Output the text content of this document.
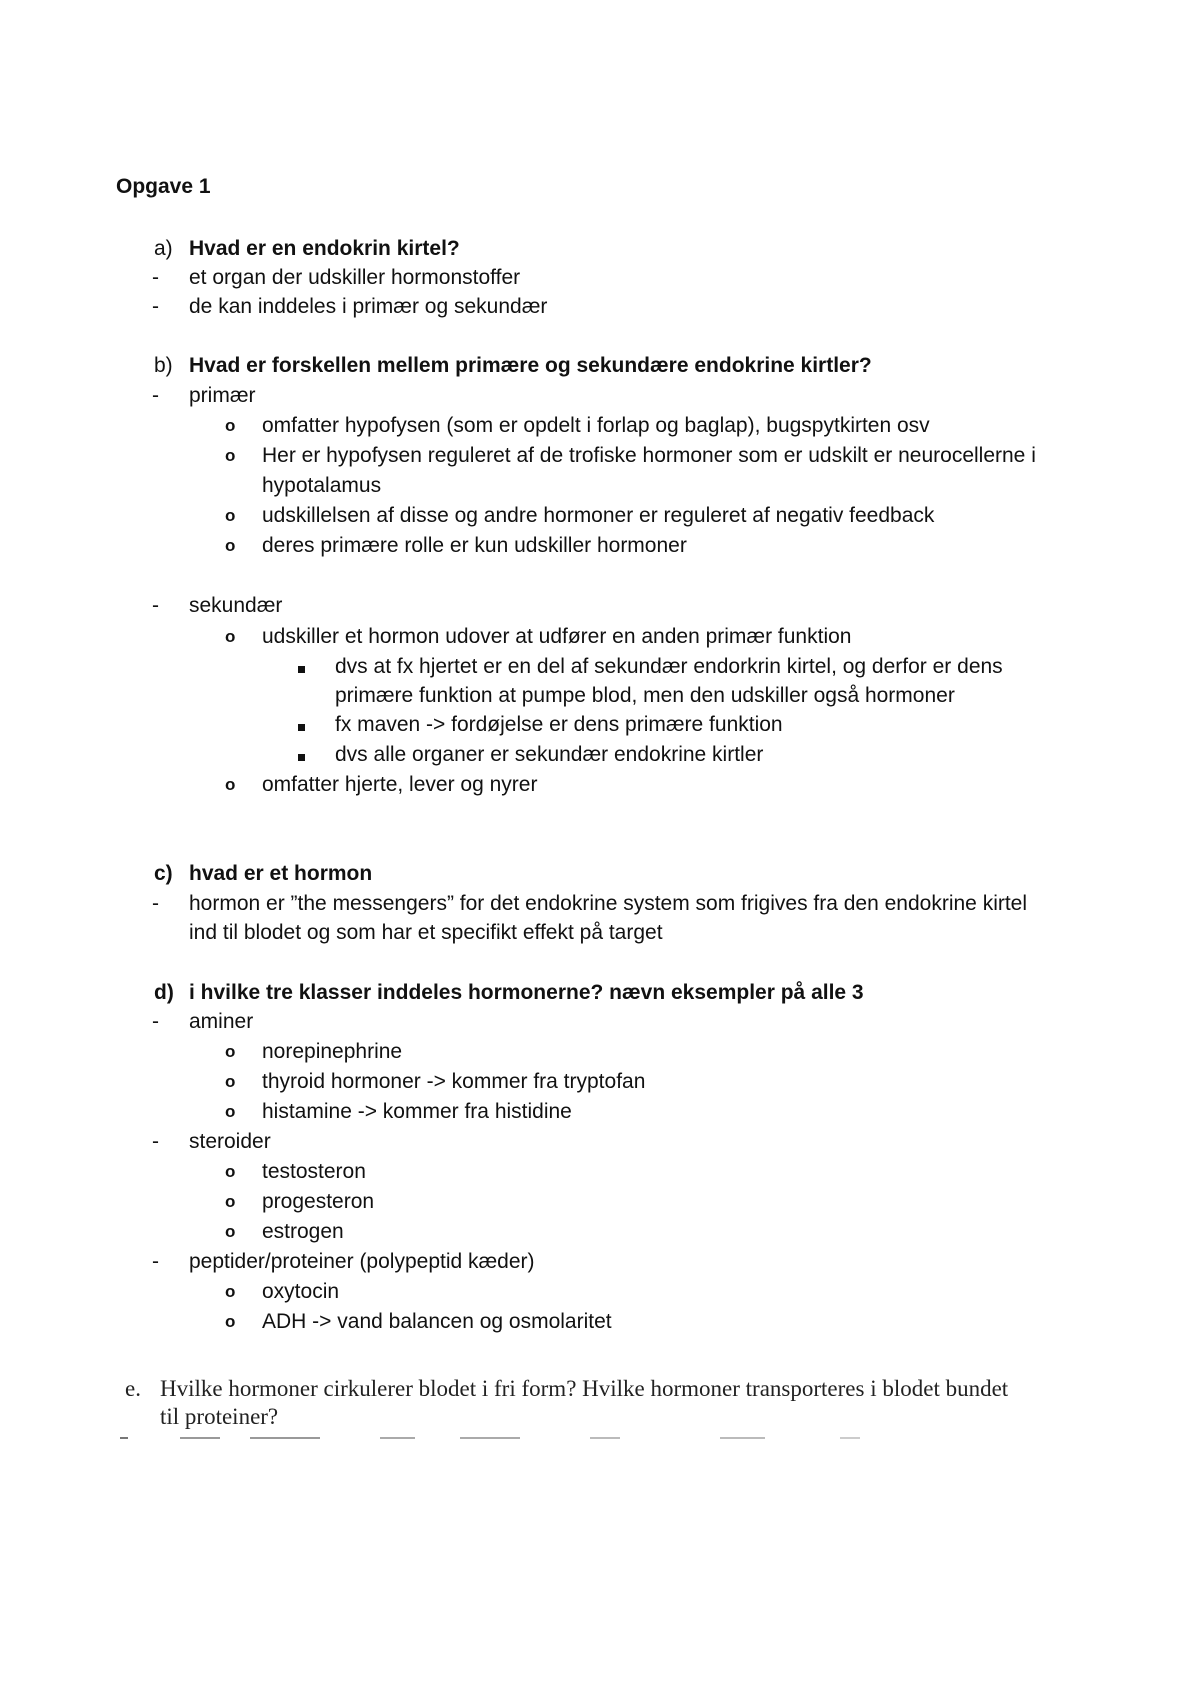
Opgave 1
a) Hvad er en endokrin kirtel?
- et organ der udskiller hormonstoffer
- de kan inddeles i primær og sekundær
b) Hvad er forskellen mellem primære og sekundære endokrine kirtler?
- primær
o omfatter hypofysen (som er opdelt i forlap og baglap), bugspytkirten osv
o Her er hypofysen reguleret af de trofiske hormoner som er udskilt er neurocellerne i
hypotalamus
o udskillelsen af disse og andre hormoner er reguleret af negativ feedback
o deres primære rolle er kun udskiller hormoner
- sekundær
o udskiller et hormon udover at udfører en anden primær funktion
dvs at fx hjertet er en del af sekundær endorkrin kirtel, og derfor er dens
primære funktion at pumpe blod, men den udskiller også hormoner
fx maven -> fordøjelse er dens primære funktion
dvs alle organer er sekundær endokrine kirtler
o omfatter hjerte, lever og nyrer
c) hvad er et hormon
- hormon er ”the messengers” for det endokrine system som frigives fra den endokrine kirtel
ind til blodet og som har et specifikt effekt på target
d) i hvilke tre klasser inddeles hormonerne? nævn eksempler på alle 3
- aminer
o norepinephrine
o thyroid hormoner -> kommer fra tryptofan
o histamine -> kommer fra histidine
- steroider
o testosteron
o progesteron
o estrogen
- peptider/proteiner (polypeptid kæder)
o oxytocin
o ADH -> vand balancen og osmolaritet
e. Hvilke hormoner cirkulerer blodet i fri form? Hvilke hormoner transporteres i blodet bundet
til proteiner?
